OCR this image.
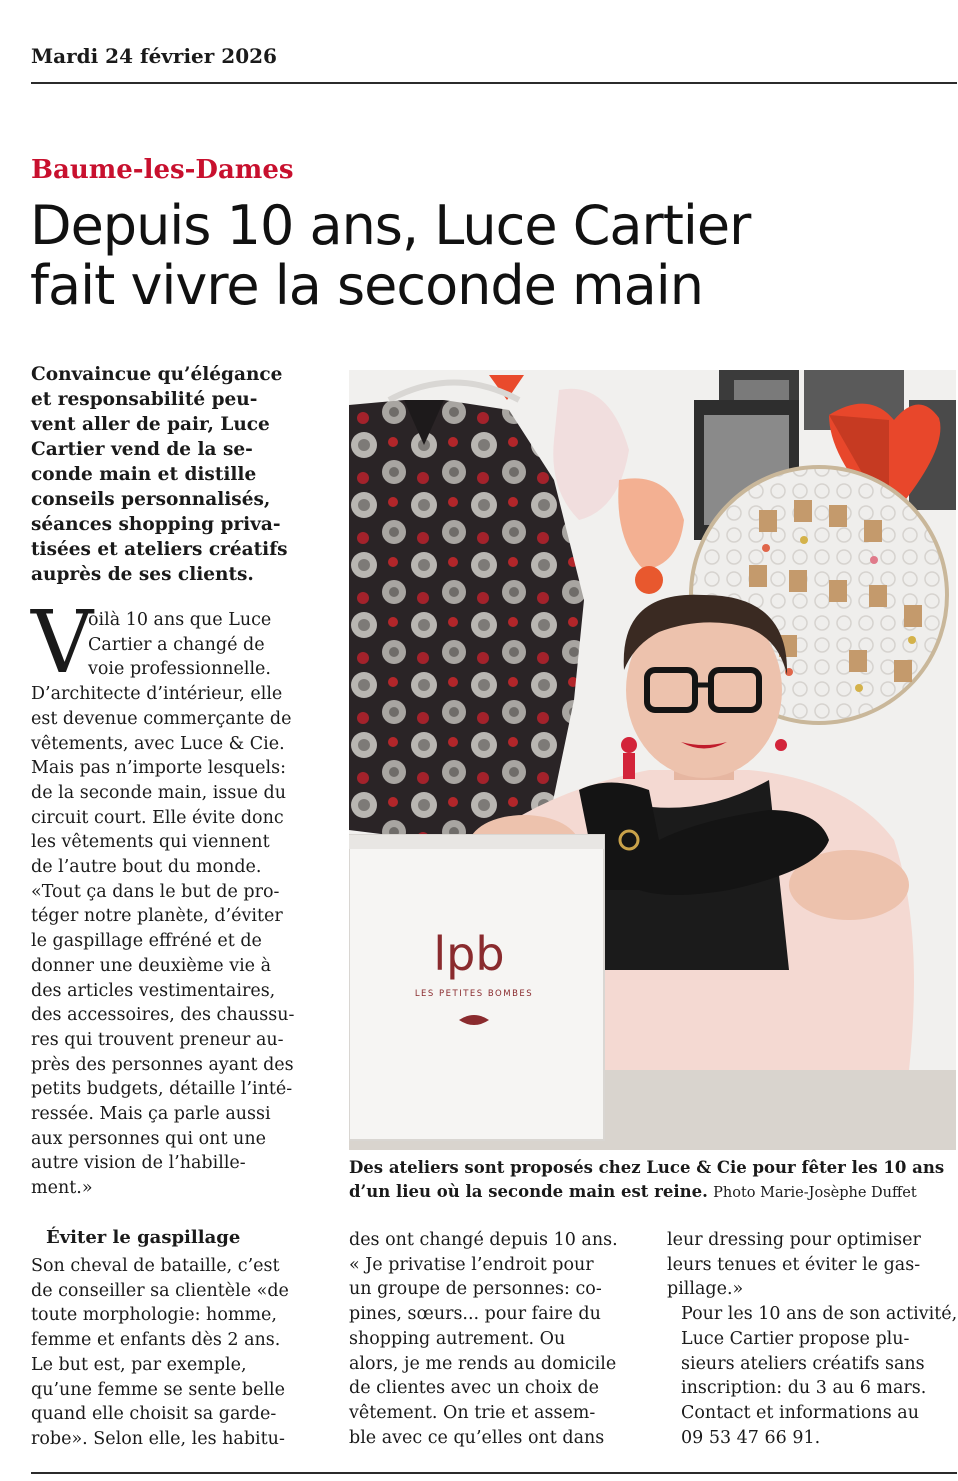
Mardi 24 février 2026
Baume-les-Dames
Depuis 10 ans, Luce Cartier
fait vivre la seconde main
Convaincue qu’élégance
et responsabilité peu-
vent aller de pair, Luce
Cartier vend de la se-
conde main et distille
conseils personnalisés,
séances shopping priva-
tisées et ateliers créatifs
auprès de ses clients.
V
oilà 10 ans que Luce
Cartier a changé de
voie professionnelle.
D’architecte d’intérieur, elle
est devenue commerçante de
vêtements, avec Luce & Cie.
Mais pas n’importe lesquels:
de la seconde main, issue du
circuit court. Elle évite donc
les vêtements qui viennent
de l’autre bout du monde.
«Tout ça dans le but de pro-
téger notre planète, d’éviter
le gaspillage effréné et de
donner une deuxième vie à
des articles vestimentaires,
des accessoires, des chaussu-
res qui trouvent preneur au-
près des personnes ayant des
petits budgets, détaille l’inté-
ressée. Mais ça parle aussi
aux personnes qui ont une
autre vision de l’habille-
ment.»
lpb
LES PETITES BOMBES
Des ateliers sont proposés chez Luce & Cie pour fêter les 10 ans
d’un lieu où la seconde main est reine. Photo Marie-Josèphe Duffet
Éviter le gaspillage
Son cheval de bataille, c’est
de conseiller sa clientèle «de
toute morphologie: homme,
femme et enfants dès 2 ans.
Le but est, par exemple,
qu’une femme se sente belle
quand elle choisit sa garde-
robe». Selon elle, les habitu-
des ont changé depuis 10 ans.
« Je privatise l’endroit pour
un groupe de personnes: co-
pines, sœurs... pour faire du
shopping autrement. Ou
alors, je me rends au domicile
de clientes avec un choix de
vêtement. On trie et assem-
ble avec ce qu’elles ont dans
leur dressing pour optimiser
leurs tenues et éviter le gas-
pillage.»
Pour les 10 ans de son activité,
Luce Cartier propose plu-
sieurs ateliers créatifs sans
inscription: du 3 au 6 mars.
Contact et informations au
09 53 47 66 91.
